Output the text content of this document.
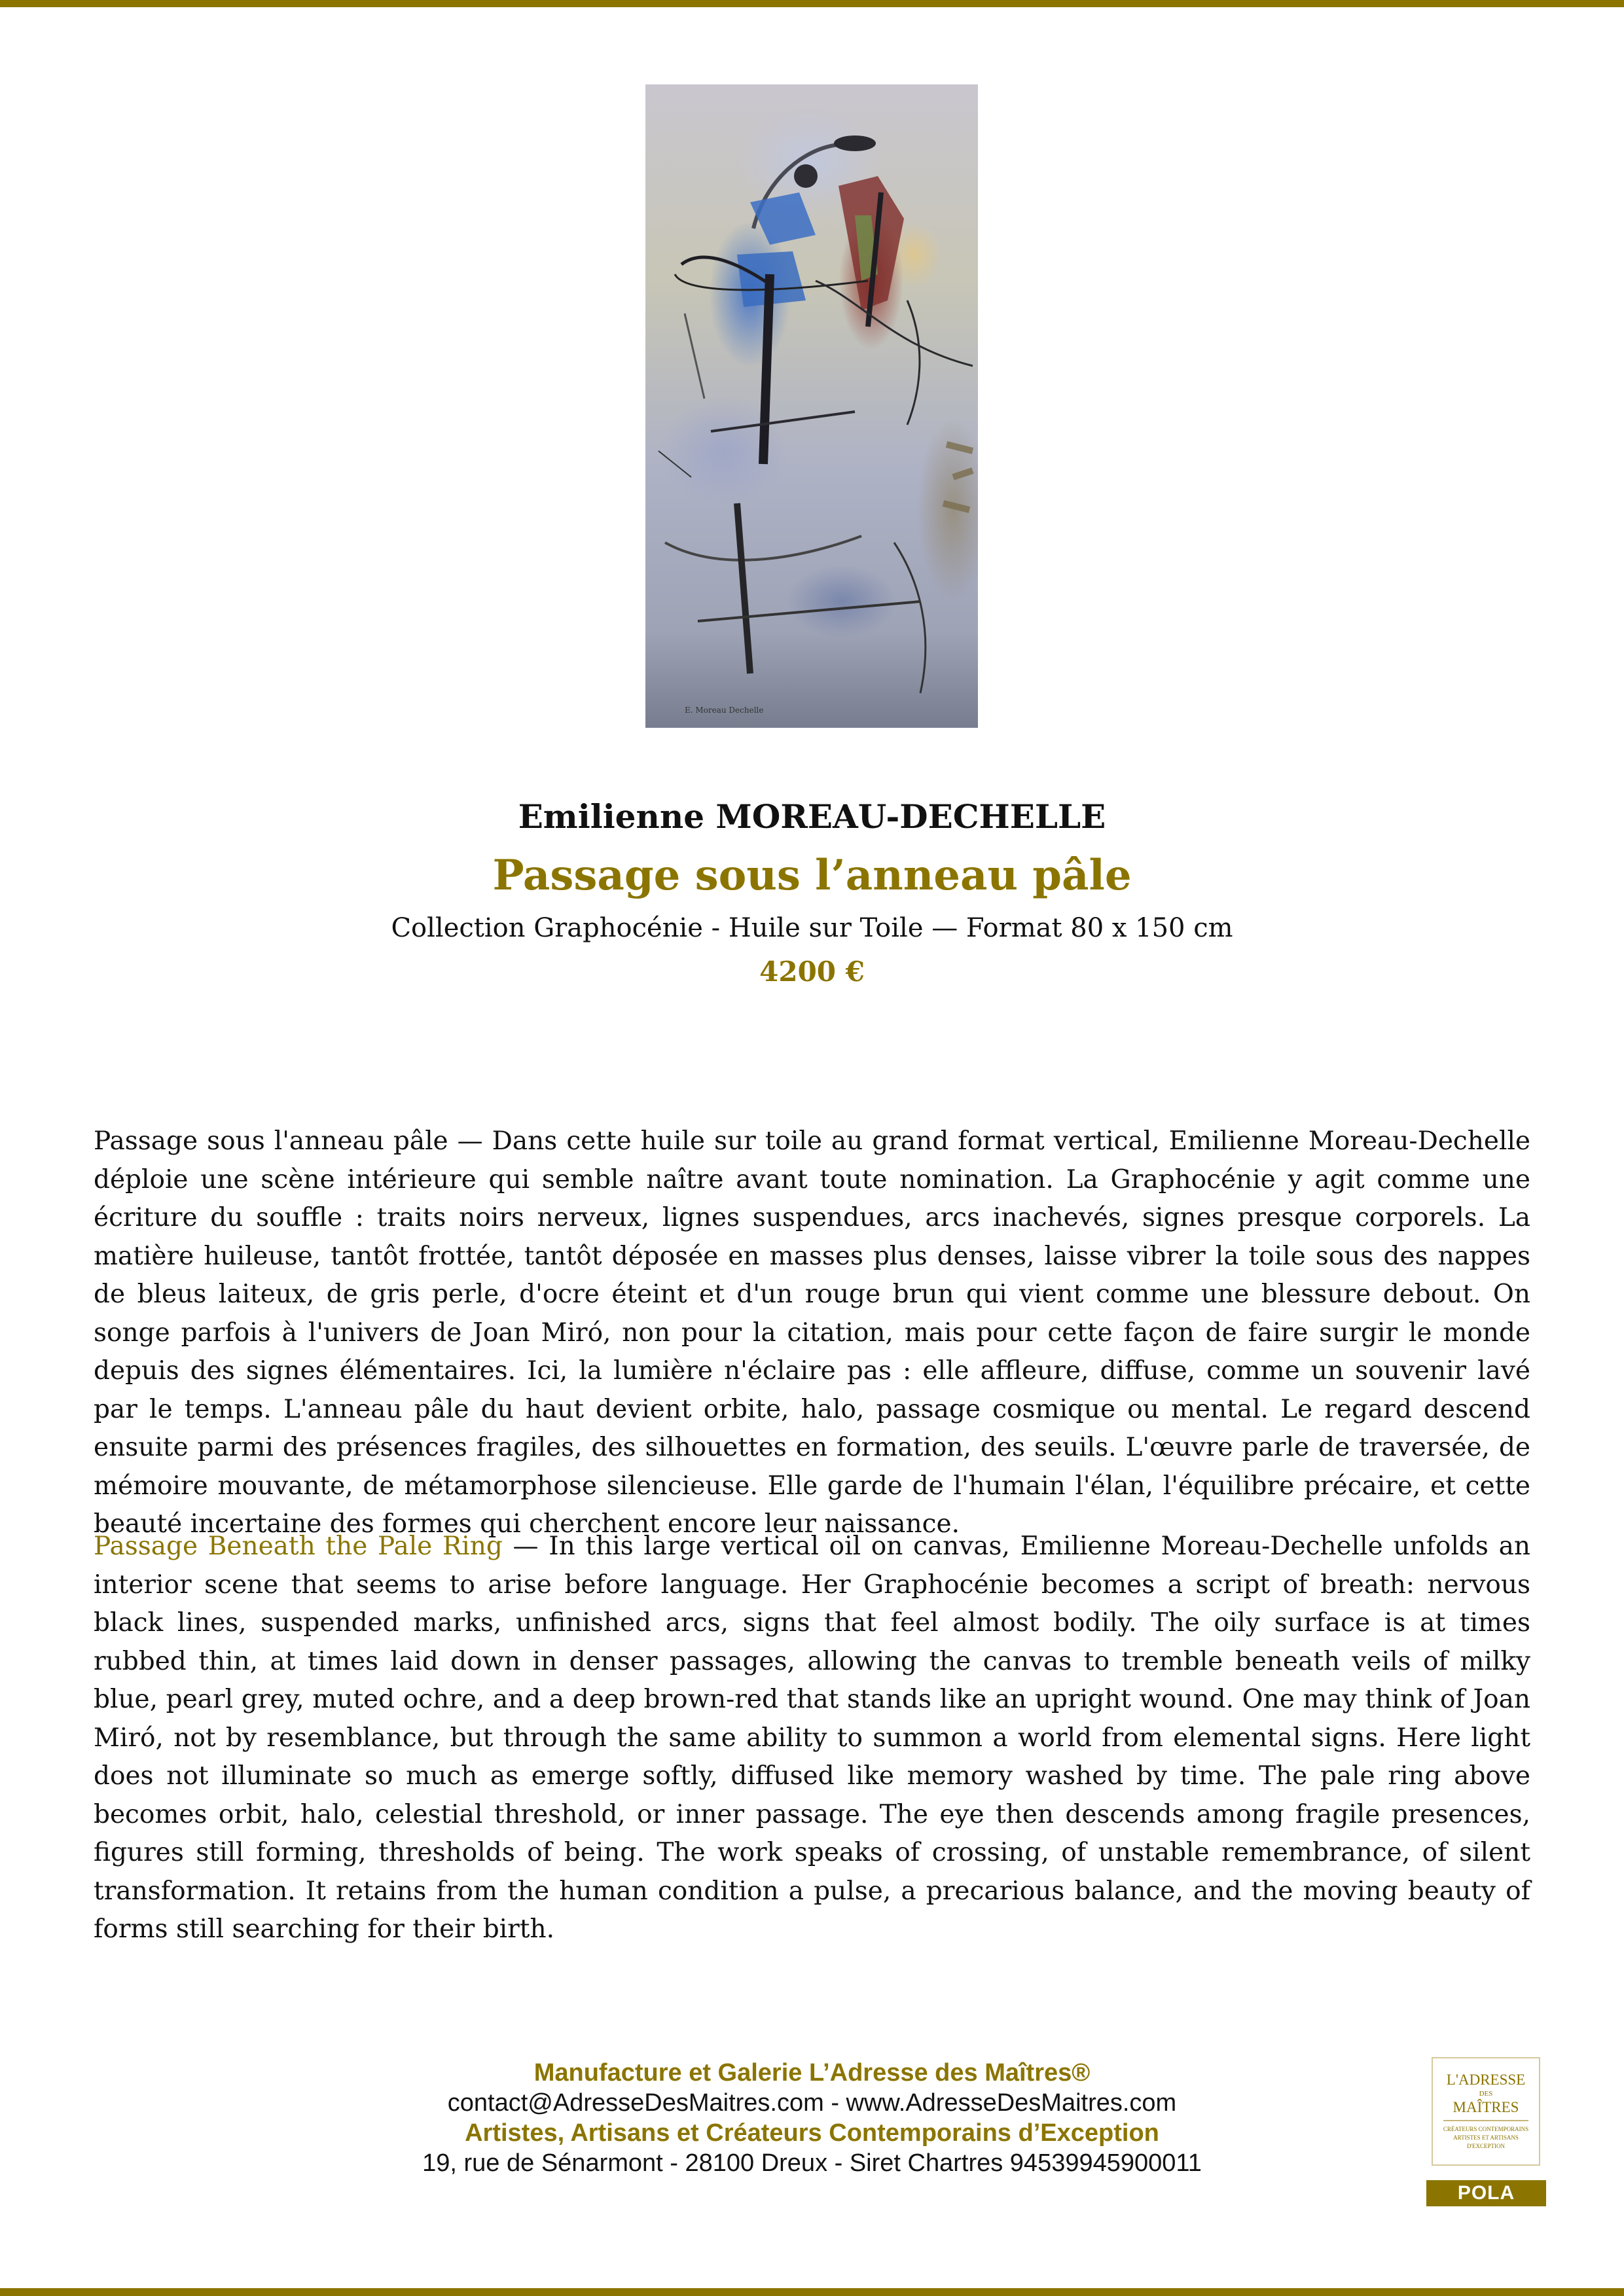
E. Moreau Dechelle
Emilienne MOREAU-DECHELLE
Passage sous l’anneau pâle
Collection Graphocénie - Huile sur Toile — Format 80 x 150 cm
4200 €

Passage sous l'anneau pâle — Dans cette huile sur toile au grand format vertical, Emilienne Moreau-Dechelle déploie une scène intérieure qui semble naître avant toute nomination. La Graphocénie y agit comme une écriture du souffle : traits noirs nerveux, lignes suspendues, arcs inachevés, signes presque corporels. La matière huileuse, tantôt frottée, tantôt déposée en masses plus denses, laisse vibrer la toile sous des nappes de bleus laiteux, de gris perle, d'ocre éteint et d'un rouge brun qui vient comme une blessure debout. On songe parfois à l'univers de Joan Miró, non pour la citation, mais pour cette façon de faire surgir le monde depuis des signes élémentaires. Ici, la lumière n'éclaire pas : elle affleure, diffuse, comme un souvenir lavé par le temps. L'anneau pâle du haut devient orbite, halo, passage cosmique ou mental. Le regard descend ensuite parmi des présences fragiles, des silhouettes en formation, des seuils. L'œuvre parle de traversée, de mémoire mouvante, de métamorphose silencieuse. Elle garde de l'humain l'élan, l'équilibre précaire, et cette beauté incertaine des formes qui cherchent encore leur naissance.

Passage Beneath the Pale Ring — In this large vertical oil on canvas, Emilienne Moreau-Dechelle unfolds an interior scene that seems to arise before language. Her Graphocénie becomes a script of breath: nervous black lines, suspended marks, unfinished arcs, signs that feel almost bodily. The oily surface is at times rubbed thin, at times laid down in denser passages, allowing the canvas to tremble beneath veils of milky blue, pearl grey, muted ochre, and a deep brown-red that stands like an upright wound. One may think of Joan Miró, not by resemblance, but through the same ability to summon a world from elemental signs. Here light does not illuminate so much as emerge softly, diffused like memory washed by time. The pale ring above becomes orbit, halo, celestial threshold, or inner passage. The eye then descends among fragile presences, figures still forming, thresholds of being. The work speaks of crossing, of unstable remembrance, of silent transformation. It retains from the human condition a pulse, a precarious balance, and the moving beauty of forms still searching for their birth.

Manufacture et Galerie L’Adresse des Maîtres®
contact@AdresseDesMaitres.com - www.AdresseDesMaitres.com
Artistes, Artisans et Créateurs Contemporains d’Exception
19, rue de Sénarmont - 28100 Dreux - Siret Chartres 94539945900011
L'ADRESSE
DES
MAÎTRES
CRÉATEURS CONTEMPORAINS
ARTISTES ET ARTISANS
D'EXCEPTION
POLA
